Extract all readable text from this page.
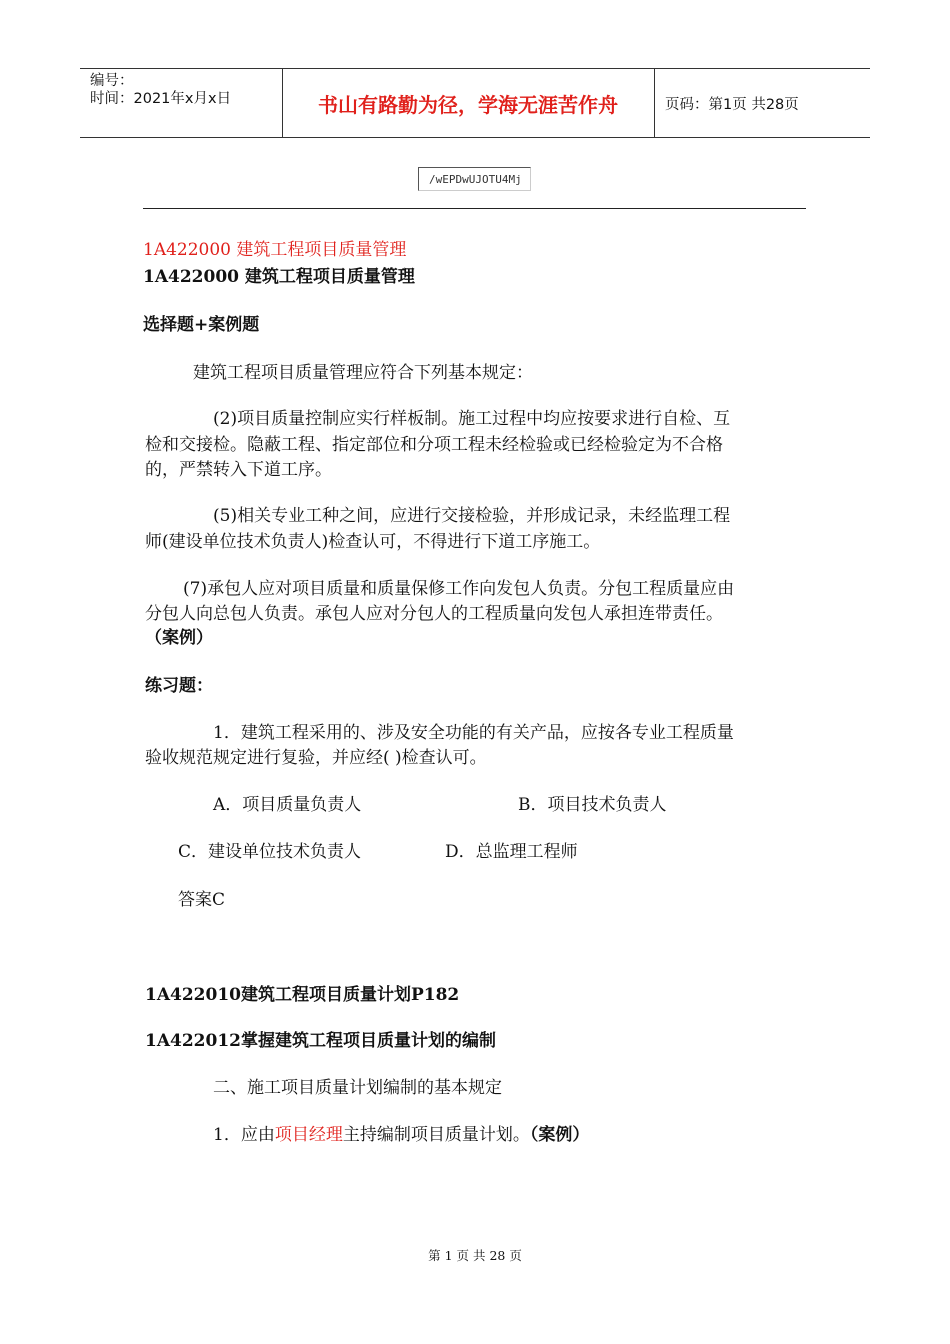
编号：
时间：2021年x月x日	书山有路勤为径，学海无涯苦作舟	页码：第1页 共28页
/wEPDwUJOTU4Mj
1A422000 建筑工程项目质量管理
1A422000 建筑工程项目质量管理
选择题+案例题
建筑工程项目质量管理应符合下列基本规定：
(2)项目质量控制应实行样板制。施工过程中均应按要求进行自检、互
检和交接检。隐蔽工程、指定部位和分项工程未经检验或已经检验定为不合格
的，严禁转入下道工序。
(5)相关专业工种之间，应进行交接检验，并形成记录，未经监理工程
师(建设单位技术负责人)检查认可，不得进行下道工序施工。
(7)承包人应对项目质量和质量保修工作向发包人负责。分包工程质量应由
分包人向总包人负责。承包人应对分包人的工程质量向发包人承担连带责任。
（案例）
练习题：
1．建筑工程采用的、涉及安全功能的有关产品，应按各专业工程质量
验收规范规定进行复验，并应经( )检查认可。
A．项目质量负责人	B．项目技术负责人
C．建设单位技术负责人	D．总监理工程师
答案C
1A422010建筑工程项目质量计划P182
1A422012掌握建筑工程项目质量计划的编制
二、施工项目质量计划编制的基本规定
1．应由项目经理主持编制项目质量计划。（案例）
第 1 页 共 28 页
